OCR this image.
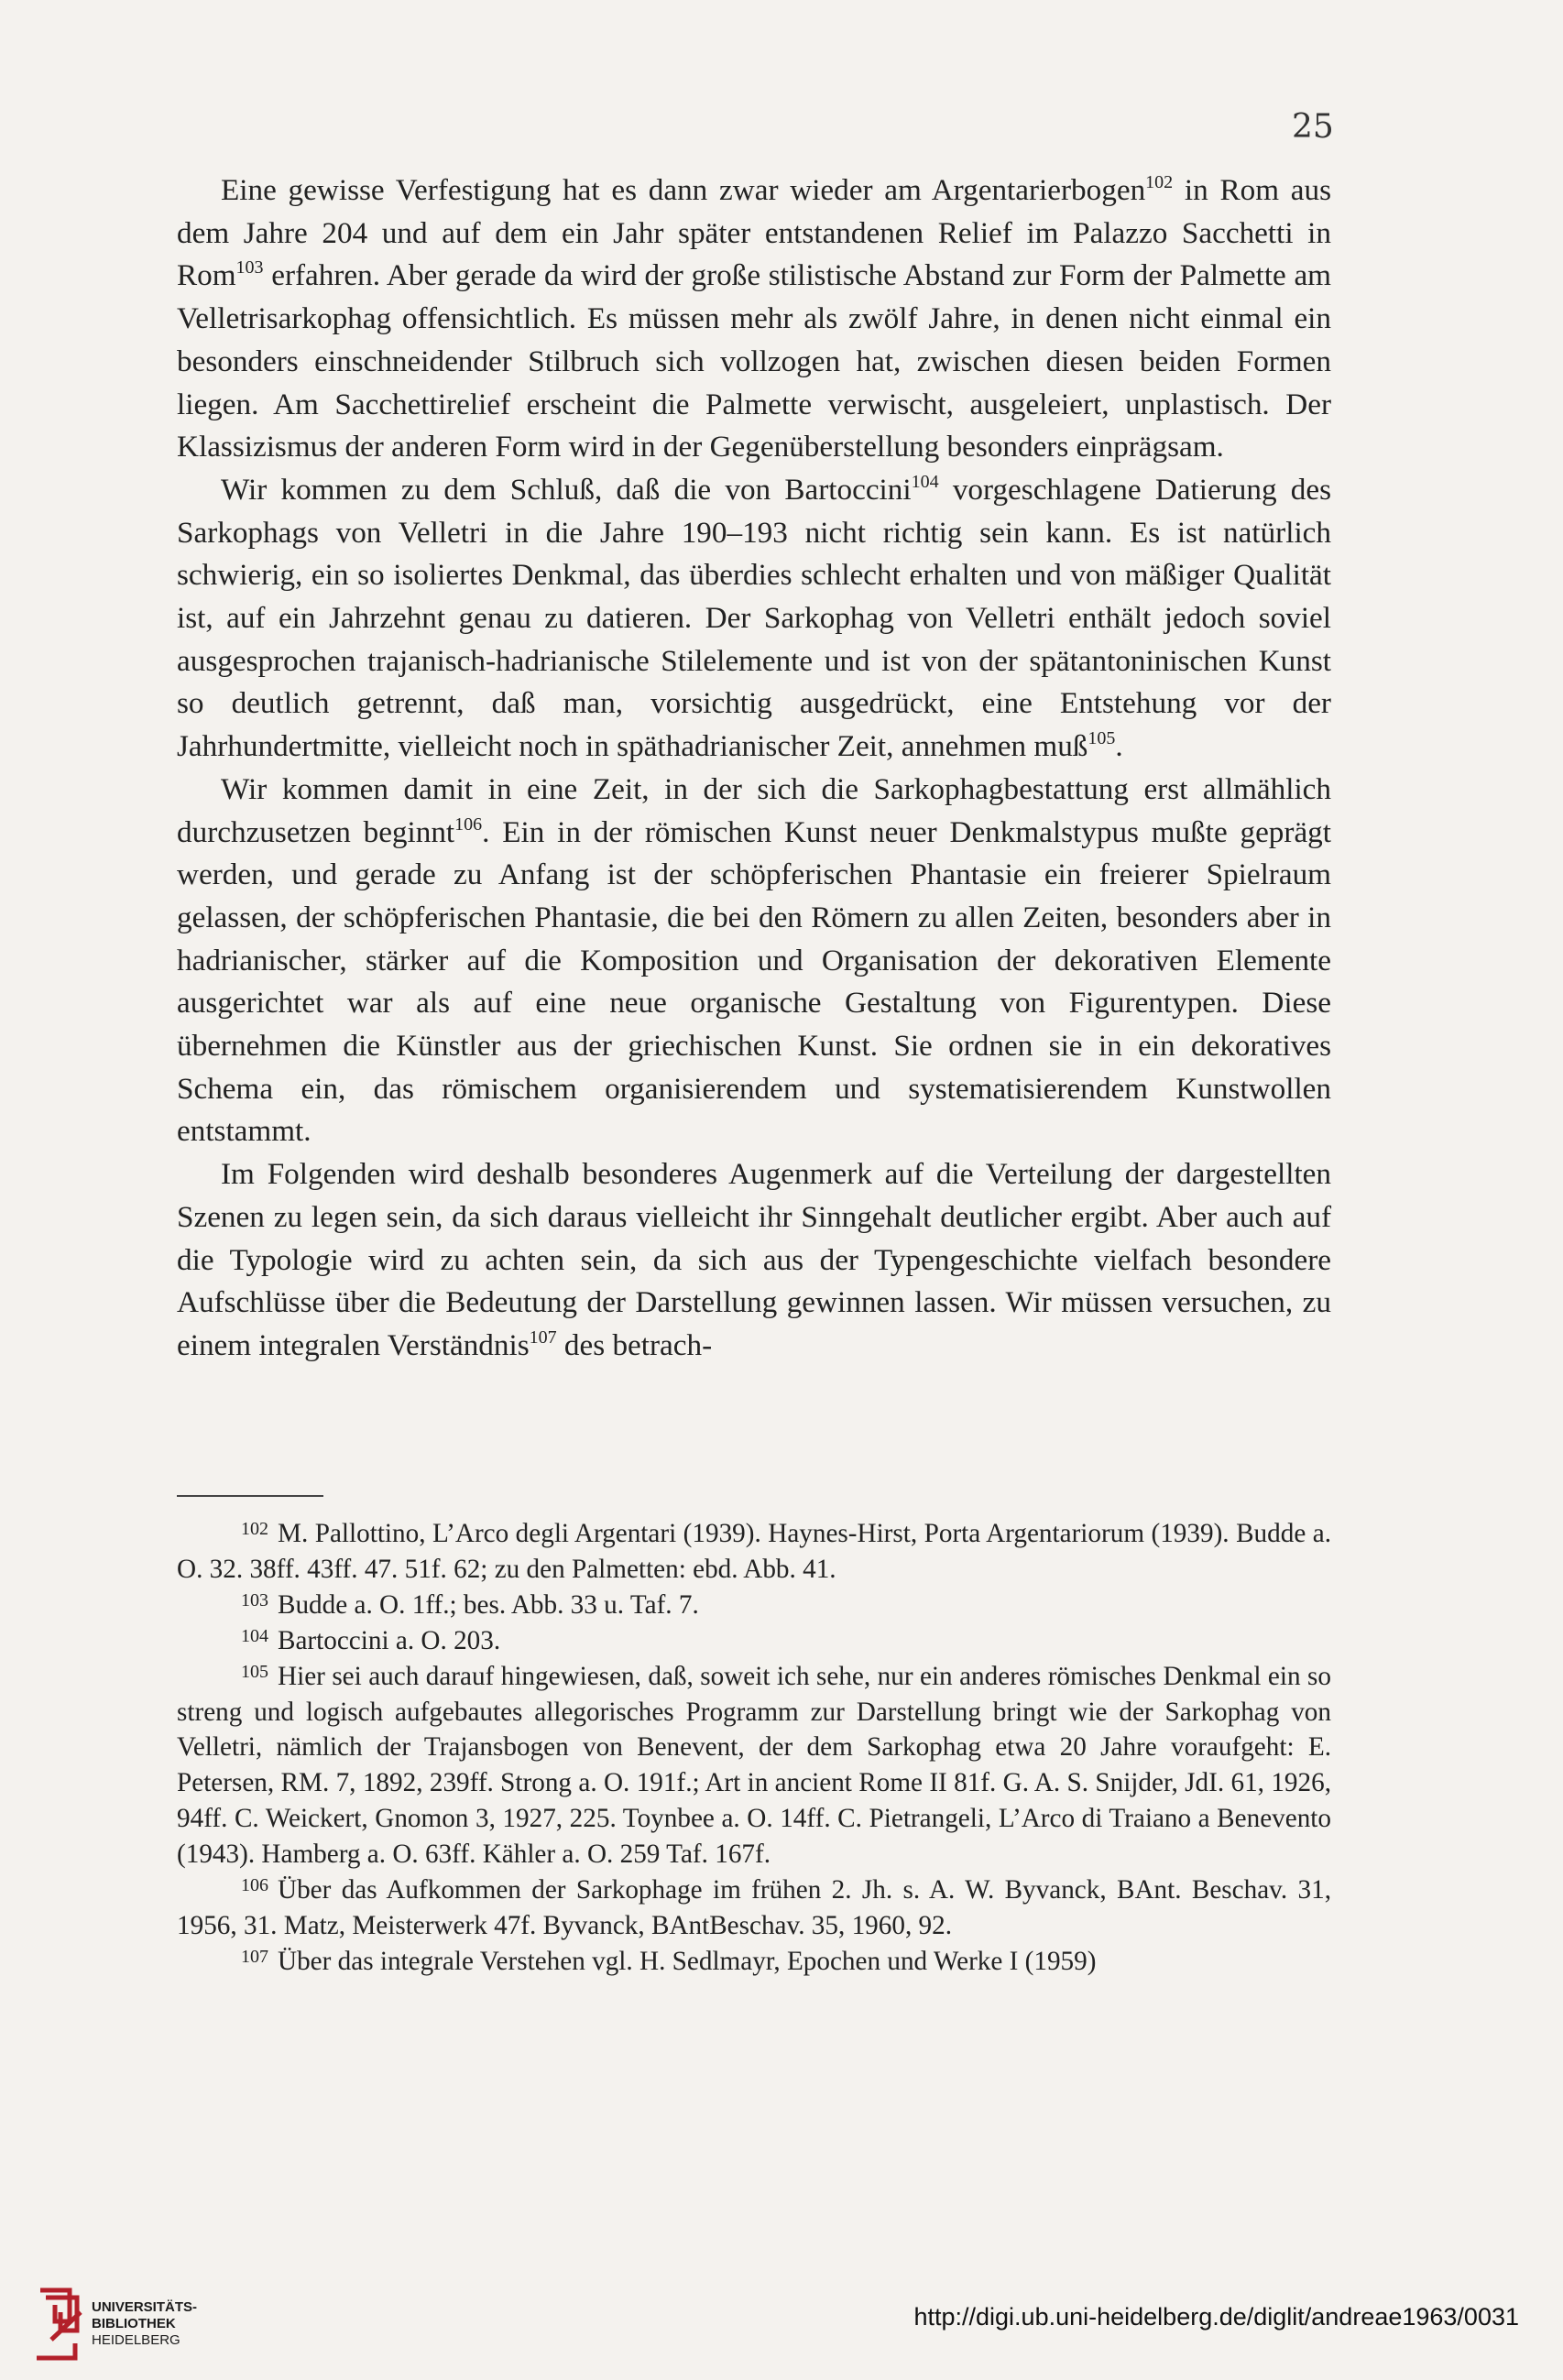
25

Eine gewisse Verfestigung hat es dann zwar wieder am Argentarierbogen$^{102}$ in Rom aus dem Jahre 204 und auf dem ein Jahr später entstandenen Relief im Palazzo Sacchetti in Rom$^{103}$ erfahren. Aber gerade da wird der große stilistische Abstand zur Form der Palmette am Velletrisarkophag offensichtlich. Es müssen mehr als zwölf Jahre, in denen nicht einmal ein besonders einschneidender Stilbruch sich vollzogen hat, zwischen diesen beiden Formen liegen. Am Sacchettirelief erscheint die Palmette verwischt, ausgeleiert, unplastisch. Der Klassizismus der anderen Form wird in der Gegenüberstellung besonders einprägsam.

Wir kommen zu dem Schluß, daß die von Bartoccini$^{104}$ vorgeschlagene Datierung des Sarkophags von Velletri in die Jahre 190–193 nicht richtig sein kann. Es ist natürlich schwierig, ein so isoliertes Denkmal, das überdies schlecht erhalten und von mäßiger Qualität ist, auf ein Jahrzehnt genau zu datieren. Der Sarkophag von Velletri enthält jedoch soviel ausgesprochen trajanisch-hadrianische Stilelemente und ist von der spätantoninischen Kunst so deutlich getrennt, daß man, vorsichtig ausgedrückt, eine Entstehung vor der Jahrhundertmitte, vielleicht noch in späthadrianischer Zeit, annehmen muß$^{105}$.

Wir kommen damit in eine Zeit, in der sich die Sarkophagbestattung erst allmählich durchzusetzen beginnt$^{106}$. Ein in der römischen Kunst neuer Denkmalstypus mußte geprägt werden, und gerade zu Anfang ist der schöpferischen Phantasie ein freierer Spielraum gelassen, der schöpferischen Phantasie, die bei den Römern zu allen Zeiten, besonders aber in hadrianischer, stärker auf die Komposition und Organisation der dekorativen Elemente ausgerichtet war als auf eine neue organische Gestaltung von Figurentypen. Diese übernehmen die Künstler aus der griechischen Kunst. Sie ordnen sie in ein dekoratives Schema ein, das römischem organisierendem und systematisierendem Kunstwollen entstammt.

Im Folgenden wird deshalb besonderes Augenmerk auf die Verteilung der dargestellten Szenen zu legen sein, da sich daraus vielleicht ihr Sinngehalt deutlicher ergibt. Aber auch auf die Typologie wird zu achten sein, da sich aus der Typengeschichte vielfach besondere Aufschlüsse über die Bedeutung der Darstellung gewinnen lassen. Wir müssen versuchen, zu einem integralen Verständnis$^{107}$ des betrach-

$^{102}$ M. Pallottino, L’Arco degli Argentari (1939). Haynes-Hirst, Porta Argentariorum (1939). Budde a. O. 32. 38ff. 43ff. 47. 51f. 62; zu den Palmetten: ebd. Abb. 41.

$^{103}$ Budde a. O. 1ff.; bes. Abb. 33 u. Taf. 7.

$^{104}$ Bartoccini a. O. 203.

$^{105}$ Hier sei auch darauf hingewiesen, daß, soweit ich sehe, nur ein anderes römisches Denkmal ein so streng und logisch aufgebautes allegorisches Programm zur Darstellung bringt wie der Sarkophag von Velletri, nämlich der Trajansbogen von Benevent, der dem Sarkophag etwa 20 Jahre voraufgeht: E. Petersen, RM. 7, 1892, 239ff. Strong a. O. 191f.; Art in ancient Rome II 81f. G. A. S. Snijder, JdI. 61, 1926, 94ff. C. Weickert, Gnomon 3, 1927, 225. Toynbee a. O. 14ff. C. Pietrangeli, L’Arco di Traiano a Benevento (1943). Hamberg a. O. 63ff. Kähler a. O. 259 Taf. 167f.

$^{106}$ Über das Aufkommen der Sarkophage im frühen 2. Jh. s. A. W. Byvanck, BAnt. Beschav. 31, 1956, 31. Matz, Meisterwerk 47f. Byvanck, BAntBeschav. 35, 1960, 92.

$^{107}$ Über das integrale Verstehen vgl. H. Sedlmayr, Epochen und Werke I (1959)

UNIVERSITÄTS-
BIBLIOTHEK
HEIDELBERG
http://digi.ub.uni-heidelberg.de/diglit/andreae1963/0031
